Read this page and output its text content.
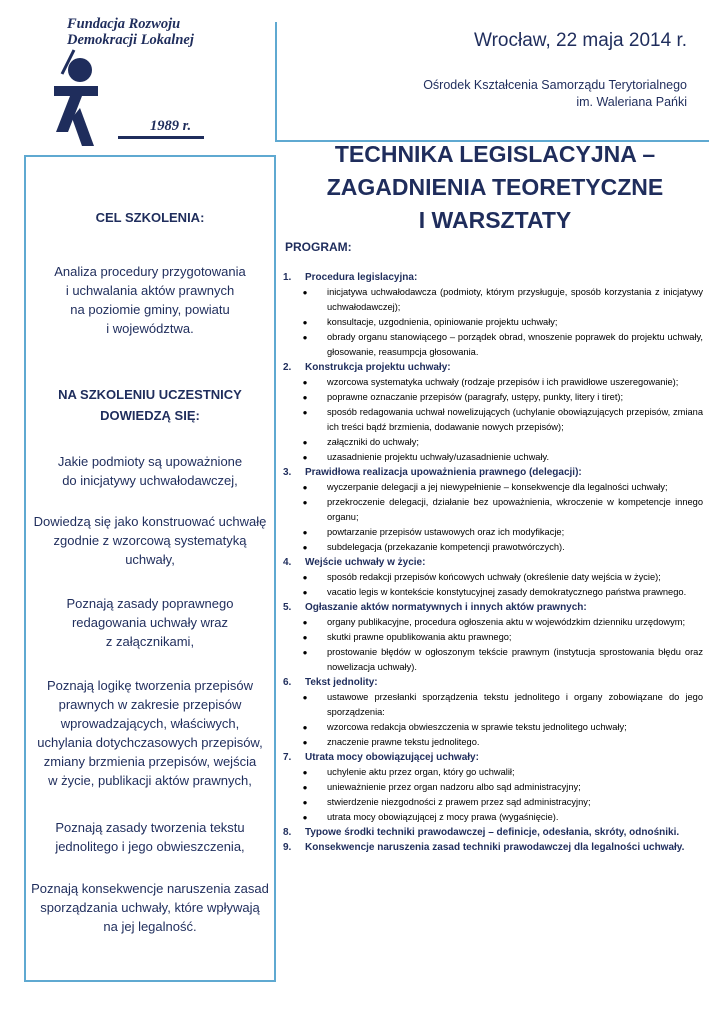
Fundacja Rozwoju
Demokracji Lokalnej
1989 r.
Wrocław, 22 maja 2014 r.
Ośrodek Kształcenia Samorządu Terytorialnego
im. Waleriana Pańki
CEL SZKOLENIA:
Analiza procedury przygotowania
i uchwalania aktów prawnych
na poziomie gminy, powiatu
i województwa.
NA SZKOLENIU UCZESTNICY
DOWIEDZĄ SIĘ:
Jakie podmioty są upoważnione
do inicjatywy uchwałodawczej,
Dowiedzą się jako konstruować uchwałę
zgodnie z wzorcową systematyką
uchwały,
Poznają zasady poprawnego
redagowania uchwały wraz
z załącznikami,
Poznają logikę tworzenia przepisów
prawnych w zakresie przepisów
wprowadzających, właściwych,
uchylania dotychczasowych przepisów,
zmiany brzmienia przepisów, wejścia
w życie, publikacji aktów prawnych,
Poznają zasady tworzenia tekstu
jednolitego i jego obwieszczenia,
Poznają konsekwencje naruszenia zasad
sporządzania uchwały, które wpływają
na jej legalność.
TECHNIKA LEGISLACYJNA –
ZAGADNIENIA TEORETYCZNE
I WARSZTATY
PROGRAM:
1.	Procedura legislacyjna:
●	inicjatywa uchwałodawcza (podmioty, którym przysługuje, sposób korzystania z inicjatywy uchwałodawczej);
●	konsultacje, uzgodnienia, opiniowanie projektu uchwały;
●	obrady organu stanowiącego – porządek obrad, wnoszenie poprawek do projektu uchwały, głosowanie, reasumpcja głosowania.
2.	Konstrukcja projektu uchwały:
●	wzorcowa systematyka uchwały (rodzaje przepisów i ich prawidłowe uszeregowanie);
●	poprawne oznaczanie przepisów (paragrafy, ustępy, punkty, litery i tiret);
●	sposób redagowania uchwał nowelizujących (uchylanie obowiązujących przepisów, zmiana ich treści bądź brzmienia, dodawanie nowych przepisów);
●	załączniki do uchwały;
●	uzasadnienie projektu uchwały/uzasadnienie uchwały.
3.	Prawidłowa realizacja upoważnienia prawnego (delegacji):
●	wyczerpanie delegacji a jej niewypełnienie – konsekwencje dla legalności uchwały;
●	przekroczenie delegacji, działanie bez upoważnienia, wkroczenie w kompetencje innego organu;
●	powtarzanie przepisów ustawowych oraz ich modyfikacje;
●	subdelegacja (przekazanie kompetencji prawotwórczych).
4.	Wejście uchwały w życie:
●	sposób redakcji przepisów końcowych uchwały (określenie daty wejścia w życie);
●	vacatio legis w kontekście konstytucyjnej zasady demokratycznego państwa prawnego.
5.	Ogłaszanie aktów normatywnych i innych aktów prawnych:
●	organy publikacyjne, procedura ogłoszenia aktu w wojewódzkim dzienniku urzędowym;
●	skutki prawne opublikowania aktu prawnego;
●	prostowanie błędów w ogłoszonym tekście prawnym (instytucja sprostowania błędu oraz nowelizacja uchwały).
6.	Tekst jednolity:
●	ustawowe przesłanki sporządzenia tekstu jednolitego i organy zobowiązane do jego sporządzenia:
●	wzorcowa redakcja obwieszczenia w sprawie tekstu jednolitego uchwały;
●	znaczenie prawne tekstu jednolitego.
7.	Utrata mocy obowiązującej uchwały:
●	uchylenie aktu przez organ, który go uchwalił;
●	unieważnienie przez organ nadzoru albo sąd administracyjny;
●	stwierdzenie niezgodności z prawem przez sąd administracyjny;
●	utrata mocy obowiązującej z mocy prawa (wygaśnięcie).
8.	Typowe środki techniki prawodawczej – definicje, odesłania, skróty, odnośniki.
9.	Konsekwencje naruszenia zasad techniki prawodawczej dla legalności uchwały.
